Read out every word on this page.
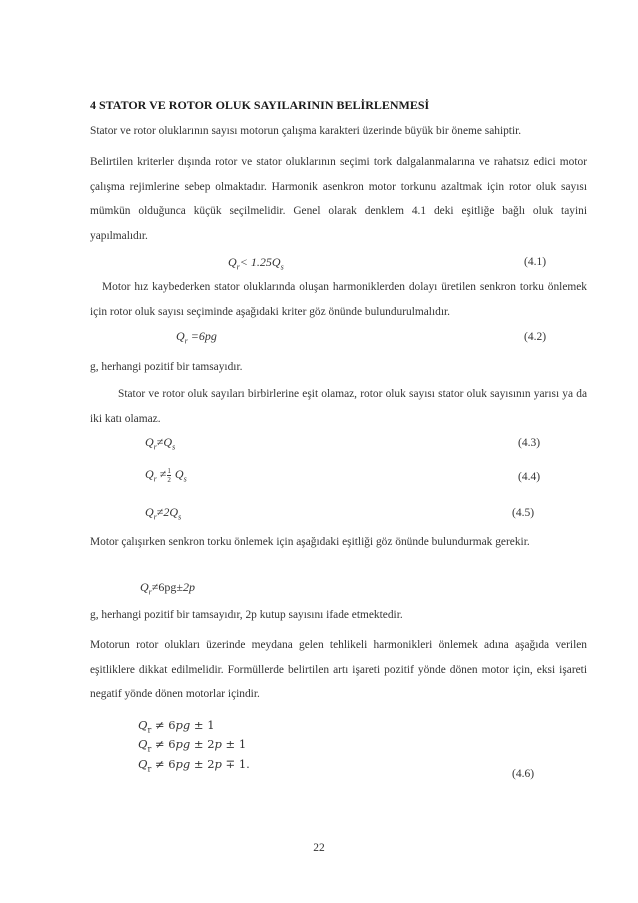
4 STATOR VE ROTOR OLUK SAYILARININ BELİRLENMESİ
Stator ve rotor oluklarının sayısı motorun çalışma karakteri üzerinde büyük bir öneme sahiptir.
Belirtilen kriterler dışında rotor ve stator oluklarının seçimi tork dalgalanmalarına ve rahatsız edici motor çalışma rejimlerine sebep olmaktadır. Harmonik asenkron motor torkunu azaltmak için rotor oluk sayısı mümkün olduğunca küçük seçilmelidir. Genel olarak denklem 4.1 deki eşitliğe bağlı oluk tayini yapılmalıdır.
$Q_r< 1.25Q_s$	(4.1)
Motor hız kaybederken stator oluklarında oluşan harmoniklerden dolayı üretilen senkron torku önlemek için rotor oluk sayısı seçiminde aşağıdaki kriter göz önünde bulundurulmalıdır.
$Q_r =6pg$	(4.2)
g, herhangi pozitif bir tamsayıdır.
Stator ve rotor oluk sayıları birbirlerine eşit olamaz, rotor oluk sayısı stator oluk sayısının yarısı ya da iki katı olamaz.
$Q_r\ne Q_s$	(4.3)
$Q_r \ne \frac{1}{2} Q_s$	(4.4)
$Q_r\ne 2Q_s$	(4.5)
Motor çalışırken senkron torku önlemek için aşağıdaki eşitliği göz önünde bulundurmak gerekir.
$Q_r\ne 6pg\pm 2p$
g, herhangi pozitif bir tamsayıdır, 2p kutup sayısını ifade etmektedir.
Motorun rotor olukları üzerinde meydana gelen tehlikeli harmonikleri önlemek adına aşağıda verilen eşitliklere dikkat edilmelidir. Formüllerde belirtilen artı işareti pozitif yönde dönen motor için, eksi işareti negatif yönde dönen motorlar içindir.
$Q_r \ne 6pg \pm 1$
$Q_r \ne 6pg \pm 2p \pm 1$
$Q_r \ne 6pg \pm 2p \mp 1$.
(4.6)
22
